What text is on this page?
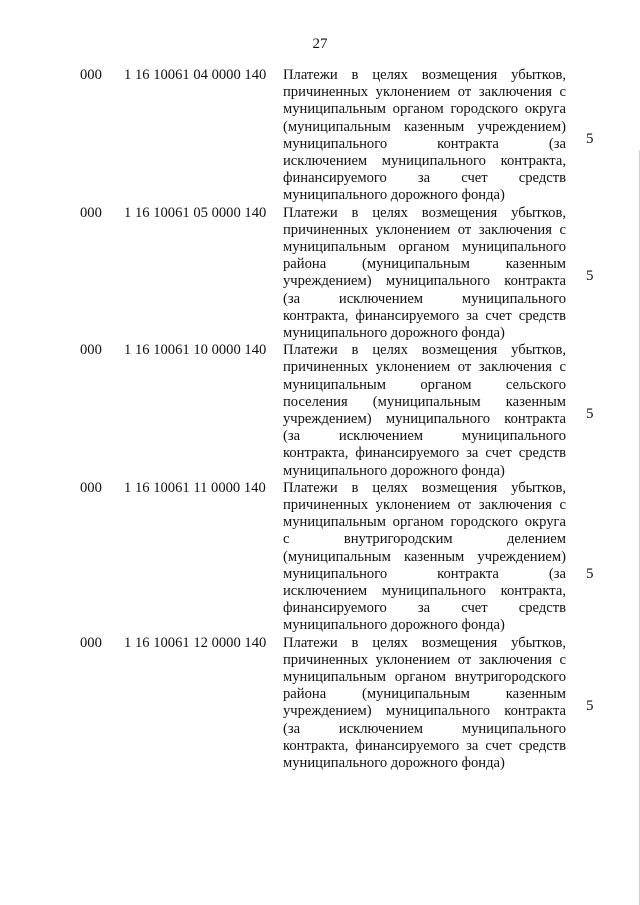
27
000 1 16 10061 04 0000 140 Платежи в целях возмещения убытков,
причиненных уклонением от заключения с
муниципальным органом городского округа
(муниципальным казенным учреждением)
муниципального контракта (за
исключением муниципального контракта,
финансируемого за счет средств
муниципального дорожного фонда)
5
000 1 16 10061 05 0000 140 Платежи в целях возмещения убытков,
причиненных уклонением от заключения с
муниципальным органом муниципального
района (муниципальным казенным
учреждением) муниципального контракта
(за исключением муниципального
контракта, финансируемого за счет средств
муниципального дорожного фонда)
5
000 1 16 10061 10 0000 140 Платежи в целях возмещения убытков,
причиненных уклонением от заключения с
муниципальным органом сельского
поселения (муниципальным казенным
учреждением) муниципального контракта
(за исключением муниципального
контракта, финансируемого за счет средств
муниципального дорожного фонда)
5
000 1 16 10061 11 0000 140 Платежи в целях возмещения убытков,
причиненных уклонением от заключения с
муниципальным органом городского округа
с внутригородским делением
(муниципальным казенным учреждением)
муниципального контракта (за
исключением муниципального контракта,
финансируемого за счет средств
муниципального дорожного фонда)
5
000 1 16 10061 12 0000 140 Платежи в целях возмещения убытков,
причиненных уклонением от заключения с
муниципальным органом внутригородского
района (муниципальным казенным
учреждением) муниципального контракта
(за исключением муниципального
контракта, финансируемого за счет средств
муниципального дорожного фонда)
5
